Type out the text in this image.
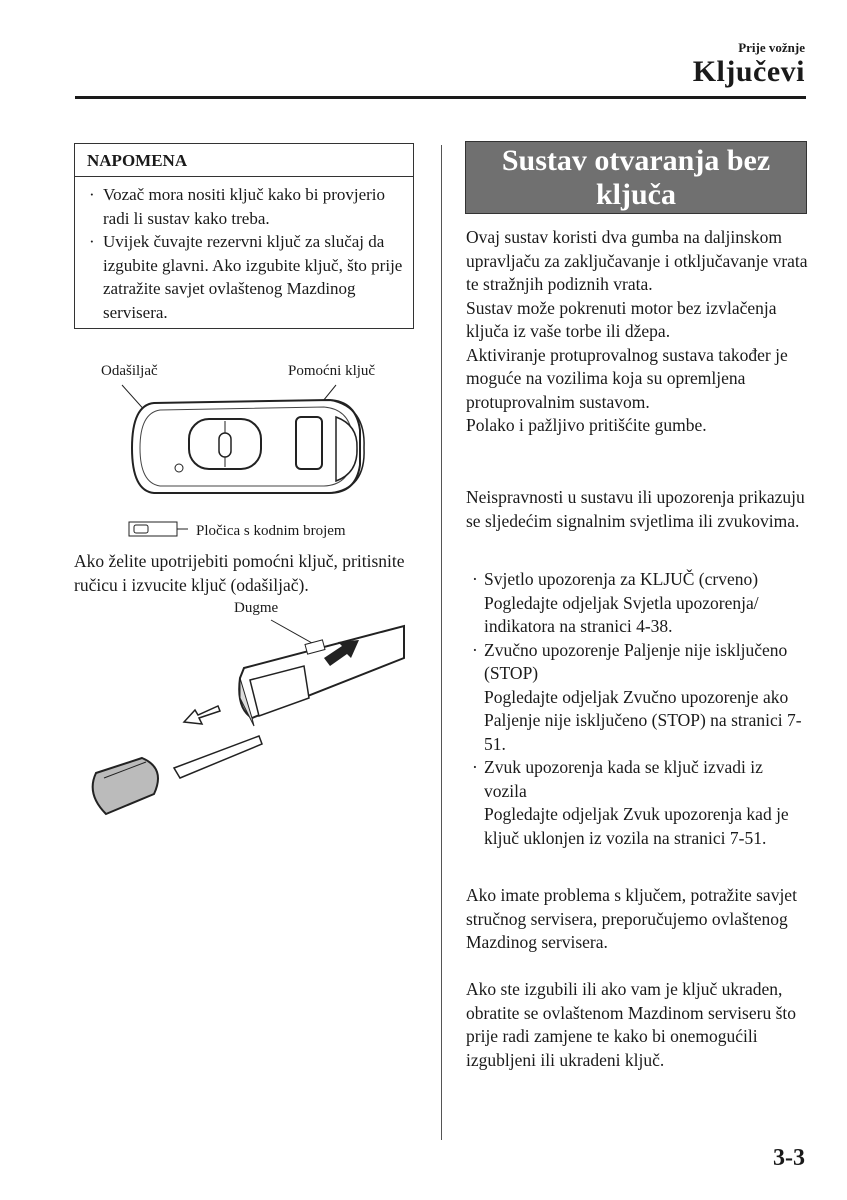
Prije vožnje
Ključevi
NAPOMENA
· Vozač mora nositi ključ kako bi provjerio radi li sustav kako treba.
· Uvijek čuvajte rezervni ključ za slučaj da izgubite glavni. Ako izgubite ključ, što prije zatražite savjet ovlaštenog Mazdinog servisera.
Odašiljač	Pomoćni ključ
Pločica s kodnim brojem
Ako želite upotrijebiti pomoćni ključ, pritisnite ručicu i izvucite ključ (odašiljač).
Dugme
Sustav otvaranja bez
ključa

Ovaj sustav koristi dva gumba na daljinskom upravljaču za zaključavanje i otključavanje vrata te stražnjih podiznih vrata.

Sustav može pokrenuti motor bez izvlačenja ključa iz vaše torbe ili džepa.

Aktiviranje protuprovalnog sustava također je moguće na vozilima koja su opremljena protuprovalnim sustavom.

Polako i pažljivo pritišćite gumbe.

Neispravnosti u sustavu ili upozorenja prikazuju se sljedećim signalnim svjetlima ili zvukovima.
· Svjetlo upozorenja za KLJUČ (crveno)
Pogledajte odjeljak Svjetla upozorenja/ indikatora na stranici 4-38.
· Zvučno upozorenje Paljenje nije isključeno (STOP)
Pogledajte odjeljak Zvučno upozorenje ako Paljenje nije isključeno (STOP) na stranici 7-51.
· Zvuk upozorenja kada se ključ izvadi iz vozila
Pogledajte odjeljak Zvuk upozorenja kad je ključ uklonjen iz vozila na stranici 7-51.
Ako imate problema s ključem, potražite savjet stručnog servisera, preporučujemo ovlaštenog Mazdinog servisera.
Ako ste izgubili ili ako vam je ključ ukraden, obratite se ovlaštenom Mazdinom serviseru što prije radi zamjene te kako bi onemogućili izgubljeni ili ukradeni ključ.
3-3
